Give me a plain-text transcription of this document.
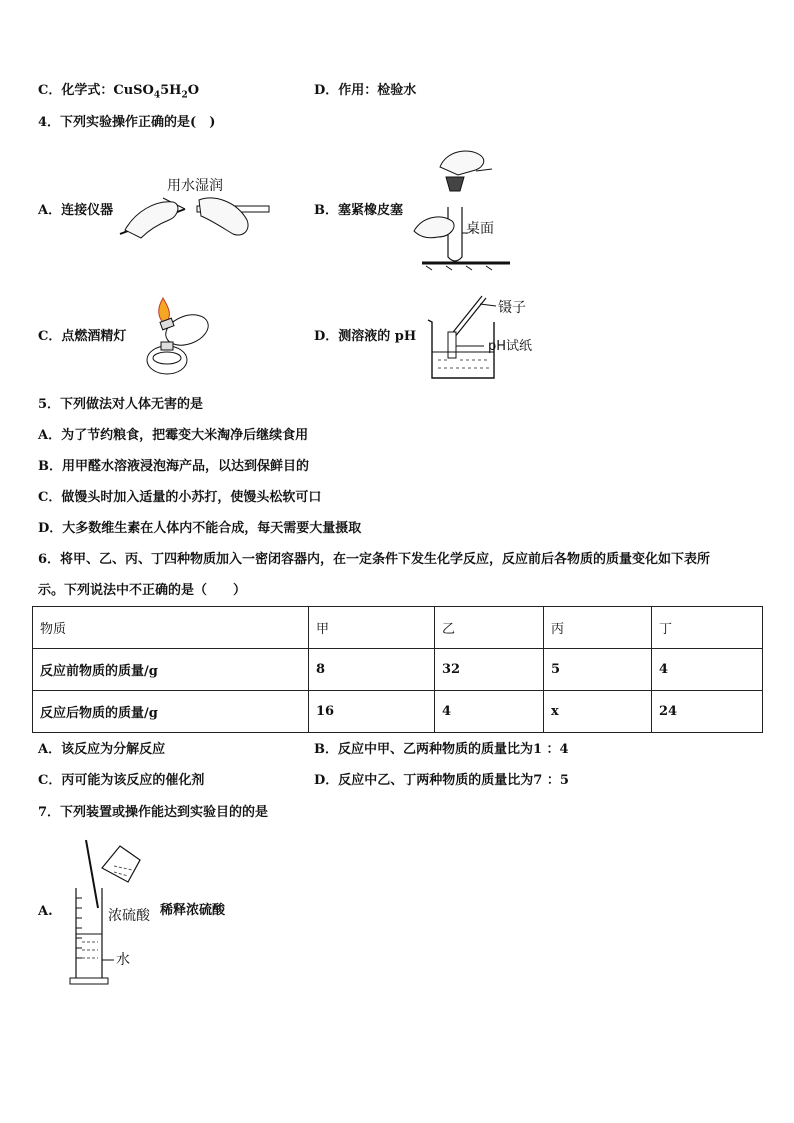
C．化学式：$CuSO_45H_2O$	D．作用：检验水
4．下列实验操作正确的是(　)
A．连接仪器
用水湿润
B．塞紧橡皮塞
桌面
C．点燃酒精灯	D．测溶液的 pH
镊子
pH试纸
5．下列做法对人体无害的是
A．为了节约粮食，把霉变大米淘净后继续食用
B．用甲醛水溶液浸泡海产品，以达到保鲜目的
C．做馒头时加入适量的小苏打，使馒头松软可口
D．大多数维生素在人体内不能合成，每天需要大量摄取
6．将甲、乙、丙、丁四种物质加入一密闭容器内，在一定条件下发生化学反应，反应前后各物质的质量变化如下表所
示。下列说法中不正确的是（　　）
物质	甲	乙	丙	丁
反应前物质的质量/g	8	32	5	4
反应后物质的质量/g	16	4	x	24
A．该反应为分解反应	B．反应中甲、乙两种物质的质量比为1 ：4
C．丙可能为该反应的催化剂	D．反应中乙、丁两种物质的质量比为7 ：5
7．下列装置或操作能达到实验目的的是
A.	浓硫酸
水
稀释浓硫酸
